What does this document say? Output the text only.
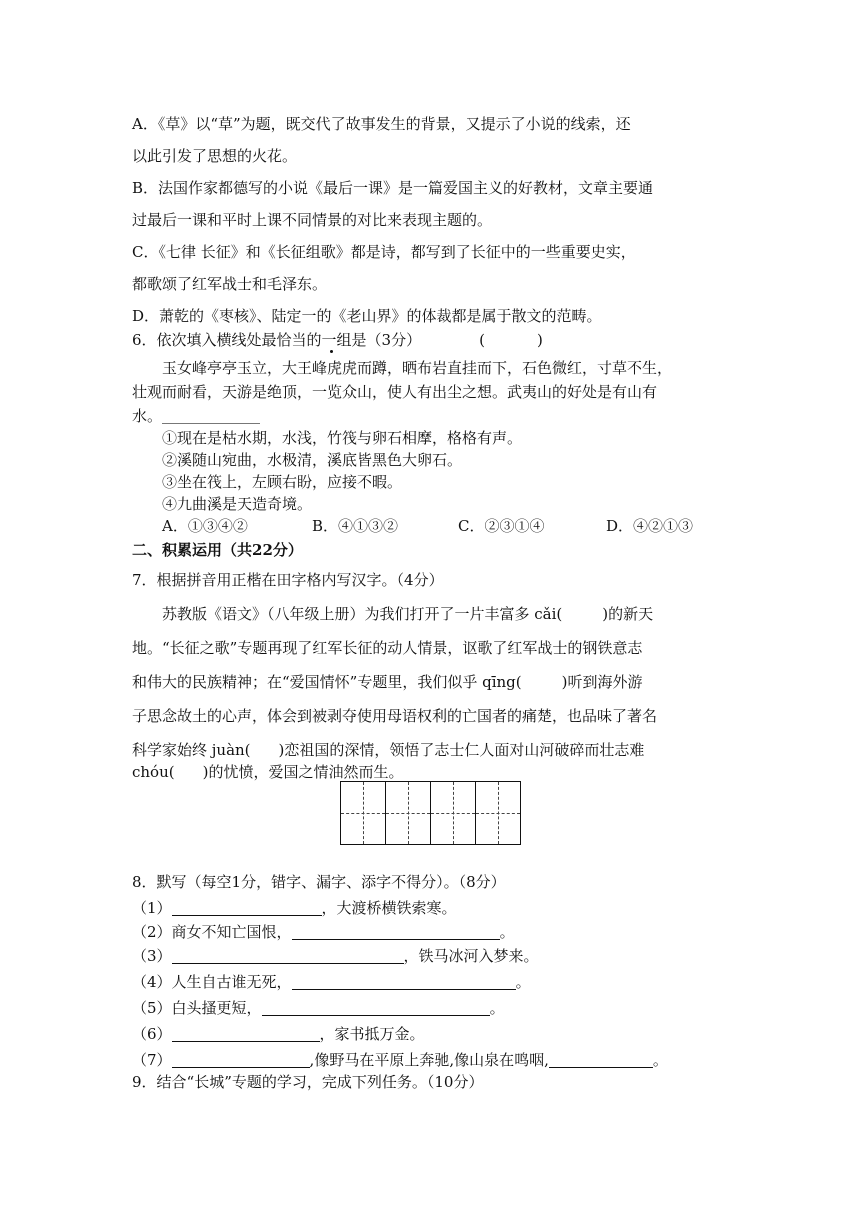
A．《草》以“草”为题，既交代了故事发生的背景，又提示了小说的线索，还
以此引发了思想的火花。
B．法国作家都德写的小说《最后一课》是一篇爱国主义的好教材，文章主要通
过最后一课和平时上课不同情景的对比来表现主题的。
C．《七律 长征》和《长征组歌》都是诗，都写到了长征中的一些重要史实，
都歌颂了红军战士和毛泽东。
D．萧乾的《枣核》、陆定一的《老山界》的体裁都是属于散文的范畴。
6．依次填入横线处最恰当的一组是（3分）	(	)
玉女峰亭亭玉立，大王峰虎虎而蹲，晒布岩直挂而下，石色微红，寸草不生，
壮观而耐看，天游是绝顶，一览众山，使人有出尘之想。武夷山的好处是有山有
水。
①现在是枯水期，水浅，竹筏与卵石相摩，格格有声。
②溪随山宛曲，水极清，溪底皆黑色大卵石。
③坐在筏上，左顾右盼，应接不暇。
④九曲溪是天造奇境。
A．①③④②	B．④①③②	C．②③①④	D．④②①③
二、积累运用（共22分）
7．根据拼音用正楷在田字格内写汉字。（4分）
苏教版《语文》（八年级上册）为我们打开了一片丰富多 cǎi(	)的新天
地。“长征之歌”专题再现了红军长征的动人情景，讴歌了红军战士的钢铁意志
和伟大的民族精神；在“爱国情怀”专题里，我们似乎 qīng(	)听到海外游
子思念故土的心声，体会到被剥夺使用母语权利的亡国者的痛楚，也品味了著名
科学家始终 juàn( )恋祖国的深情，领悟了志士仁人面对山河破碎而壮志难
chóu( )的忧愤，爱国之情油然而生。
8．默写（每空1分，错字、漏字、添字不得分）。（8分）
（1）	，大渡桥横铁索寒。
（2）商女不知亡国恨，	。
（3）	，铁马冰河入梦来。
（4）人生自古谁无死，	。
（5）白头搔更短，	。
（6）	，家书抵万金。
（7）	,像野马在平原上奔驰,像山泉在鸣咽,	。
9．结合“长城”专题的学习，完成下列任务。（10分）
